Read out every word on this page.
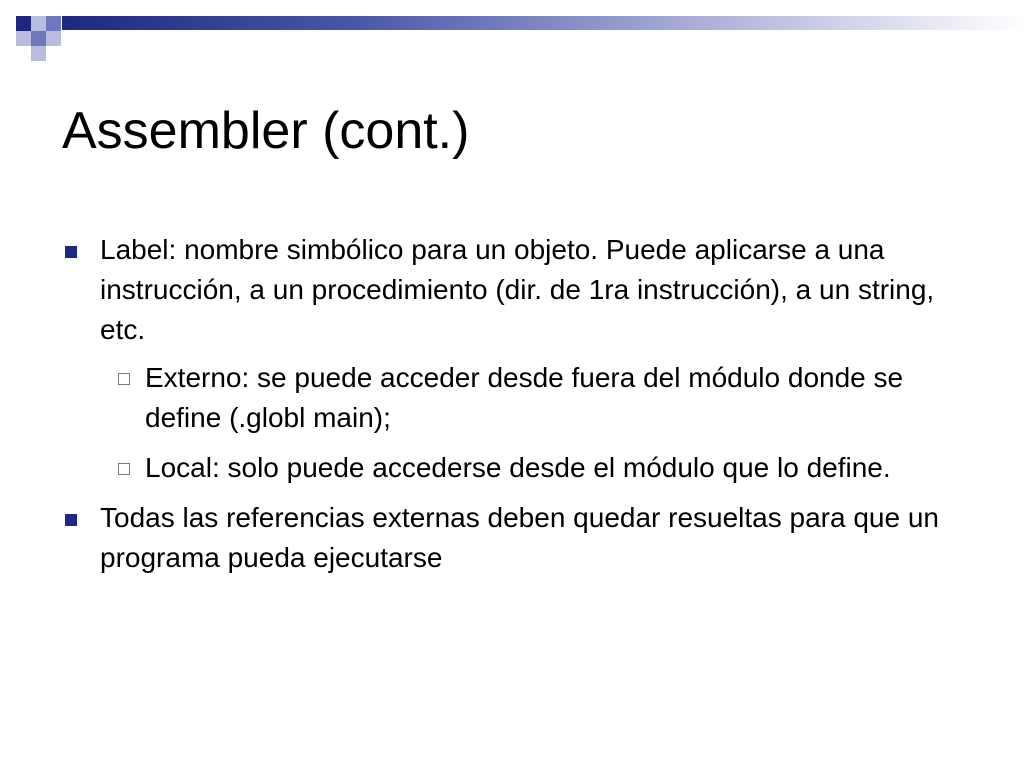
Assembler (cont.)
Label: nombre simbólico para un objeto. Puede aplicarse a una instrucción, a un procedimiento (dir. de 1ra instrucción), a un string, etc.
Externo: se puede acceder desde fuera del módulo donde se define (.globl main);
Local: solo puede accederse desde el módulo que lo define.
Todas las referencias externas deben quedar resueltas para que un programa pueda ejecutarse
